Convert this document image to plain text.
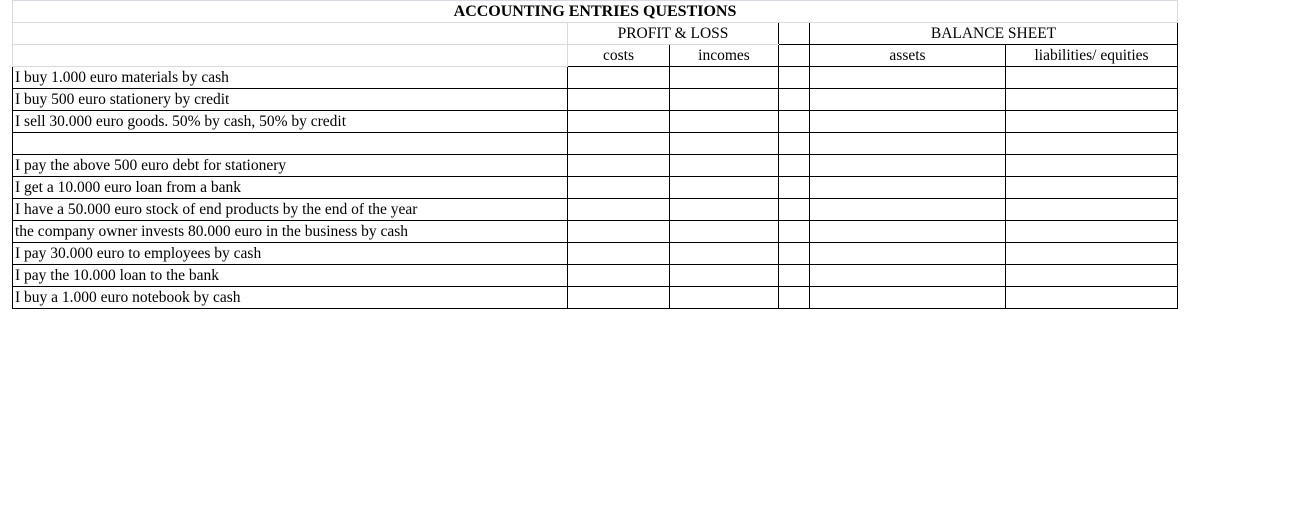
ACCOUNTING ENTRIES QUESTIONS					
	PROFIT & LOSS			BALANCE SHEET	
	costs	incomes		assets	liabilities/ equities
I buy 1.000 euro materials by cash					
I buy 500 euro stationery by credit					
I sell 30.000 euro goods. 50% by cash, 50% by credit					

I pay the above 500 euro debt for stationery					
I get a 10.000 euro loan from a bank					
I have a 50.000 euro stock of end products by the end of the year					
the company owner invests 80.000 euro in the business by cash					
I pay 30.000 euro to employees by cash					
I pay the 10.000 loan to the bank					
I buy a 1.000 euro notebook by cash					
